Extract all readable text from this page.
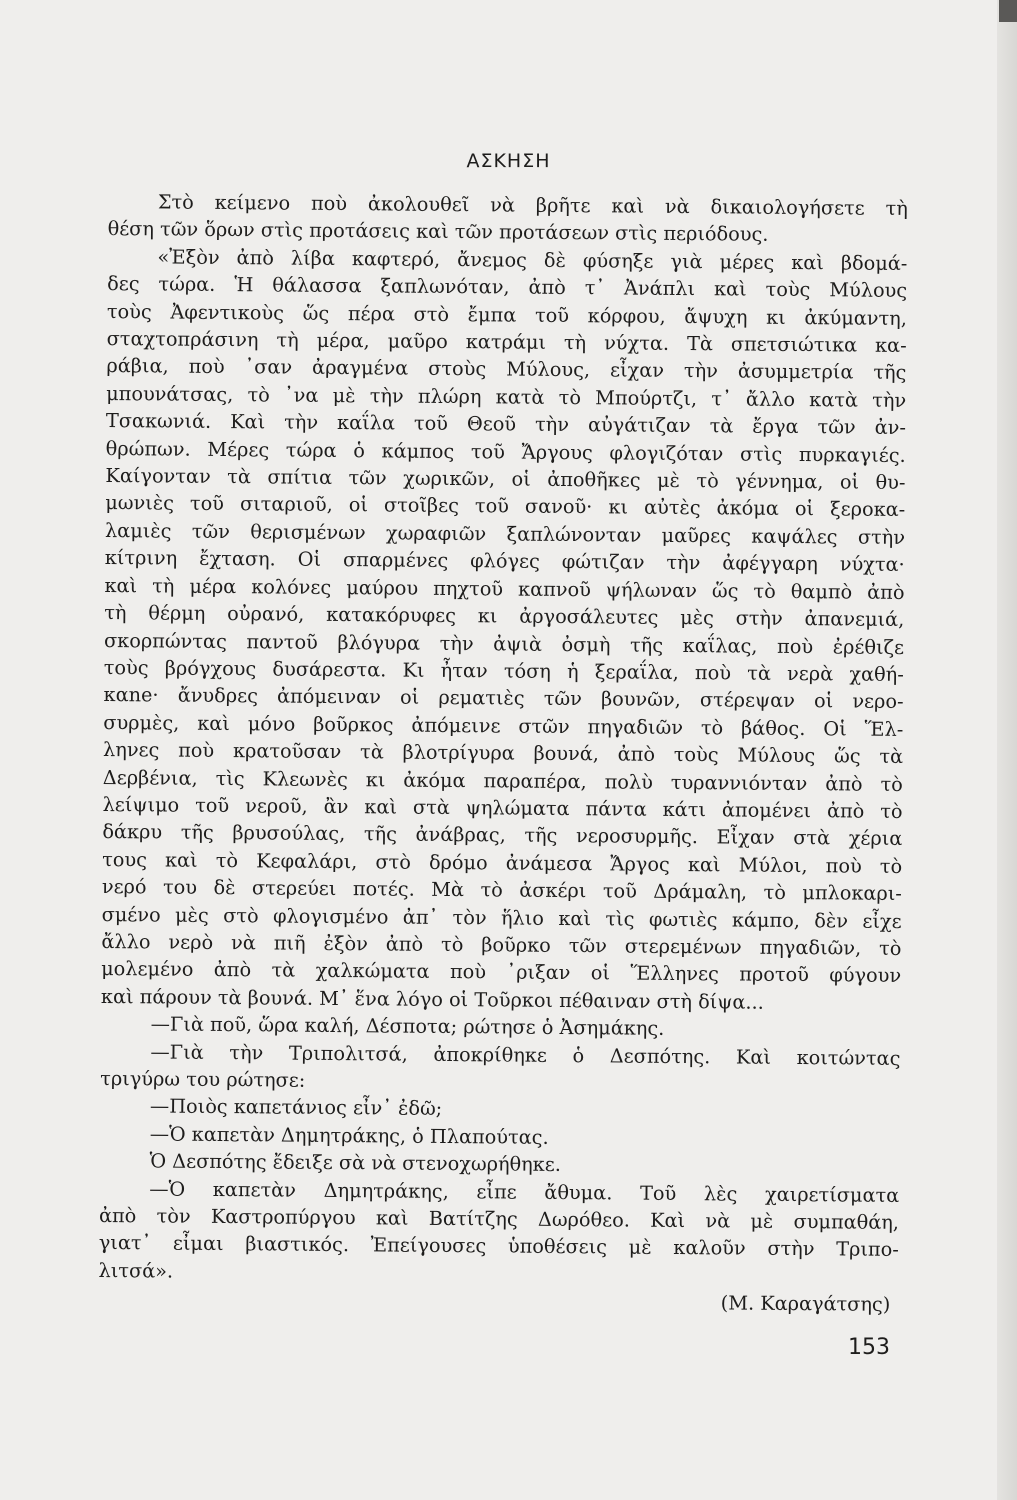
ΑΣΚΗΣΗ
Στὸ κείμενο ποὺ ἀκολουθεῖ νὰ βρῆτε καὶ νὰ δικαιολογήσετε τὴ
θέση τῶν ὅρων στὶς προτάσεις καὶ τῶν προτάσεων στὶς περιόδους.
«Ἐξὸν ἀπὸ λίβα καφτερό, ἄνεμος δὲ φύσηξε γιὰ μέρες καὶ βδομά-
δες τώρα. Ἡ θάλασσα ξαπλωνόταν, ἀπὸ τ᾽ Ἀνάπλι καὶ τοὺς Μύλους
τοὺς Ἀφεντικοὺς ὥς πέρα στὸ ἔμπα τοῦ κόρφου, ἄψυχη κι ἀκύμαντη,
σταχτοπράσινη τὴ μέρα, μαῦρο κατράμι τὴ νύχτα. Τὰ σπετσιώτικα κα-
ράβια, ποὺ ᾽σαν ἀραγμένα στοὺς Μύλους, εἶχαν τὴν ἀσυμμετρία τῆς
μπουνάτσας, τὸ ᾽να μὲ τὴν πλώρη κατὰ τὸ Μπούρτζι, τ᾽ ἄλλο κατὰ τὴν
Τσακωνιά. Καὶ τὴν καΐλα τοῦ Θεοῦ τὴν αὐγάτιζαν τὰ ἔργα τῶν ἀν-
θρώπων. Μέρες τώρα ὁ κάμπος τοῦ Ἄργους φλογιζόταν στὶς πυρκαγιές.
Καίγονταν τὰ σπίτια τῶν χωρικῶν, οἱ ἀποθῆκες μὲ τὸ γέννημα, οἱ θυ-
μωνιὲς τοῦ σιταριοῦ, οἱ στοῖβες τοῦ σανοῦ· κι αὐτὲς ἀκόμα οἱ ξεροκα-
λαμιὲς τῶν θερισμένων χωραφιῶν ξαπλώνονταν μαῦρες καψάλες στὴν
κίτρινη ἔχταση. Οἱ σπαρμένες φλόγες φώτιζαν τὴν ἀφέγγαρη νύχτα·
καὶ τὴ μέρα κολόνες μαύρου πηχτοῦ καπνοῦ ψήλωναν ὥς τὸ θαμπὸ ἀπὸ
τὴ θέρμη οὐρανό, κατακόρυφες κι ἀργοσάλευτες μὲς στὴν ἀπανεμιά,
σκορπώντας παντοῦ βλόγυρα τὴν ἀψιὰ ὀσμὴ τῆς καΐλας, ποὺ ἐρέθιζε
τοὺς βρόγχους δυσάρεστα. Κι ἦταν τόση ἡ ξεραΐλα, ποὺ τὰ νερὰ χαθή-
καne· ἄνυδρες ἀπόμειναν οἱ ρεματιὲς τῶν βουνῶν, στέρεψαν οἱ νερο-
συρμὲς, καὶ μόνο βοῦρκος ἀπόμεινε στῶν πηγαδιῶν τὸ βάθος. Οἱ Ἕλ-
ληνες ποὺ κρατοῦσαν τὰ βλοτρίγυρα βουνά, ἀπὸ τοὺς Μύλους ὥς τὰ
Δερβένια, τὶς Κλεωνὲς κι ἀκόμα παραπέρα, πολὺ τυραννιόνταν ἀπὸ τὸ
λείψιμο τοῦ νεροῦ, ἂν καὶ στὰ ψηλώματα πάντα κάτι ἀπομένει ἀπὸ τὸ
δάκρυ τῆς βρυσούλας, τῆς ἀνάβρας, τῆς νεροσυρμῆς. Εἶχαν στὰ χέρια
τους καὶ τὸ Κεφαλάρι, στὸ δρόμο ἀνάμεσα Ἄργος καὶ Μύλοι, ποὺ τὸ
νερό του δὲ στερεύει ποτές. Μὰ τὸ ἀσκέρι τοῦ Δράμαλη, τὸ μπλοκαρι-
σμένο μὲς στὸ φλογισμένο ἀπ᾽ τὸν ἥλιο καὶ τὶς φωτιὲς κάμπο, δὲν εἶχε
ἄλλο νερὸ νὰ πιῆ ἐξὸν ἀπὸ τὸ βοῦρκο τῶν στερεμένων πηγαδιῶν, τὸ
μολεμένο ἀπὸ τὰ χαλκώματα ποὺ ᾽ριξαν οἱ Ἕλληνες προτοῦ φύγουν
καὶ πάρουν τὰ βουνά. Μ᾽ ἕνα λόγο οἱ Τοῦρκοι πέθαιναν στὴ δίψα...
—Γιὰ ποῦ, ὥρα καλή, Δέσποτα; ρώτησε ὁ Ἀσημάκης.
—Γιὰ τὴν Τριπολιτσά, ἀποκρίθηκε ὁ Δεσπότης. Καὶ κοιτώντας
τριγύρω του ρώτησε:
—Ποιὸς καπετάνιος εἶν᾽ ἐδῶ;
—Ὁ καπετὰν Δημητράκης, ὁ Πλαπούτας.
Ὁ Δεσπότης ἔδειξε σὰ νὰ στενοχωρήθηκε.
—Ὁ καπετὰν Δημητράκης, εἶπε ἄθυμα. Τοῦ λὲς χαιρετίσματα
ἀπὸ τὸν Καστροπύργου καὶ Βατίτζης Δωρόθεο. Καὶ νὰ μὲ συμπαθάη,
γιατ᾽ εἶμαι βιαστικός. Ἐπείγουσες ὑποθέσεις μὲ καλοῦν στὴν Τριπο-
λιτσά».
(Μ. Καραγάτσης)
153
